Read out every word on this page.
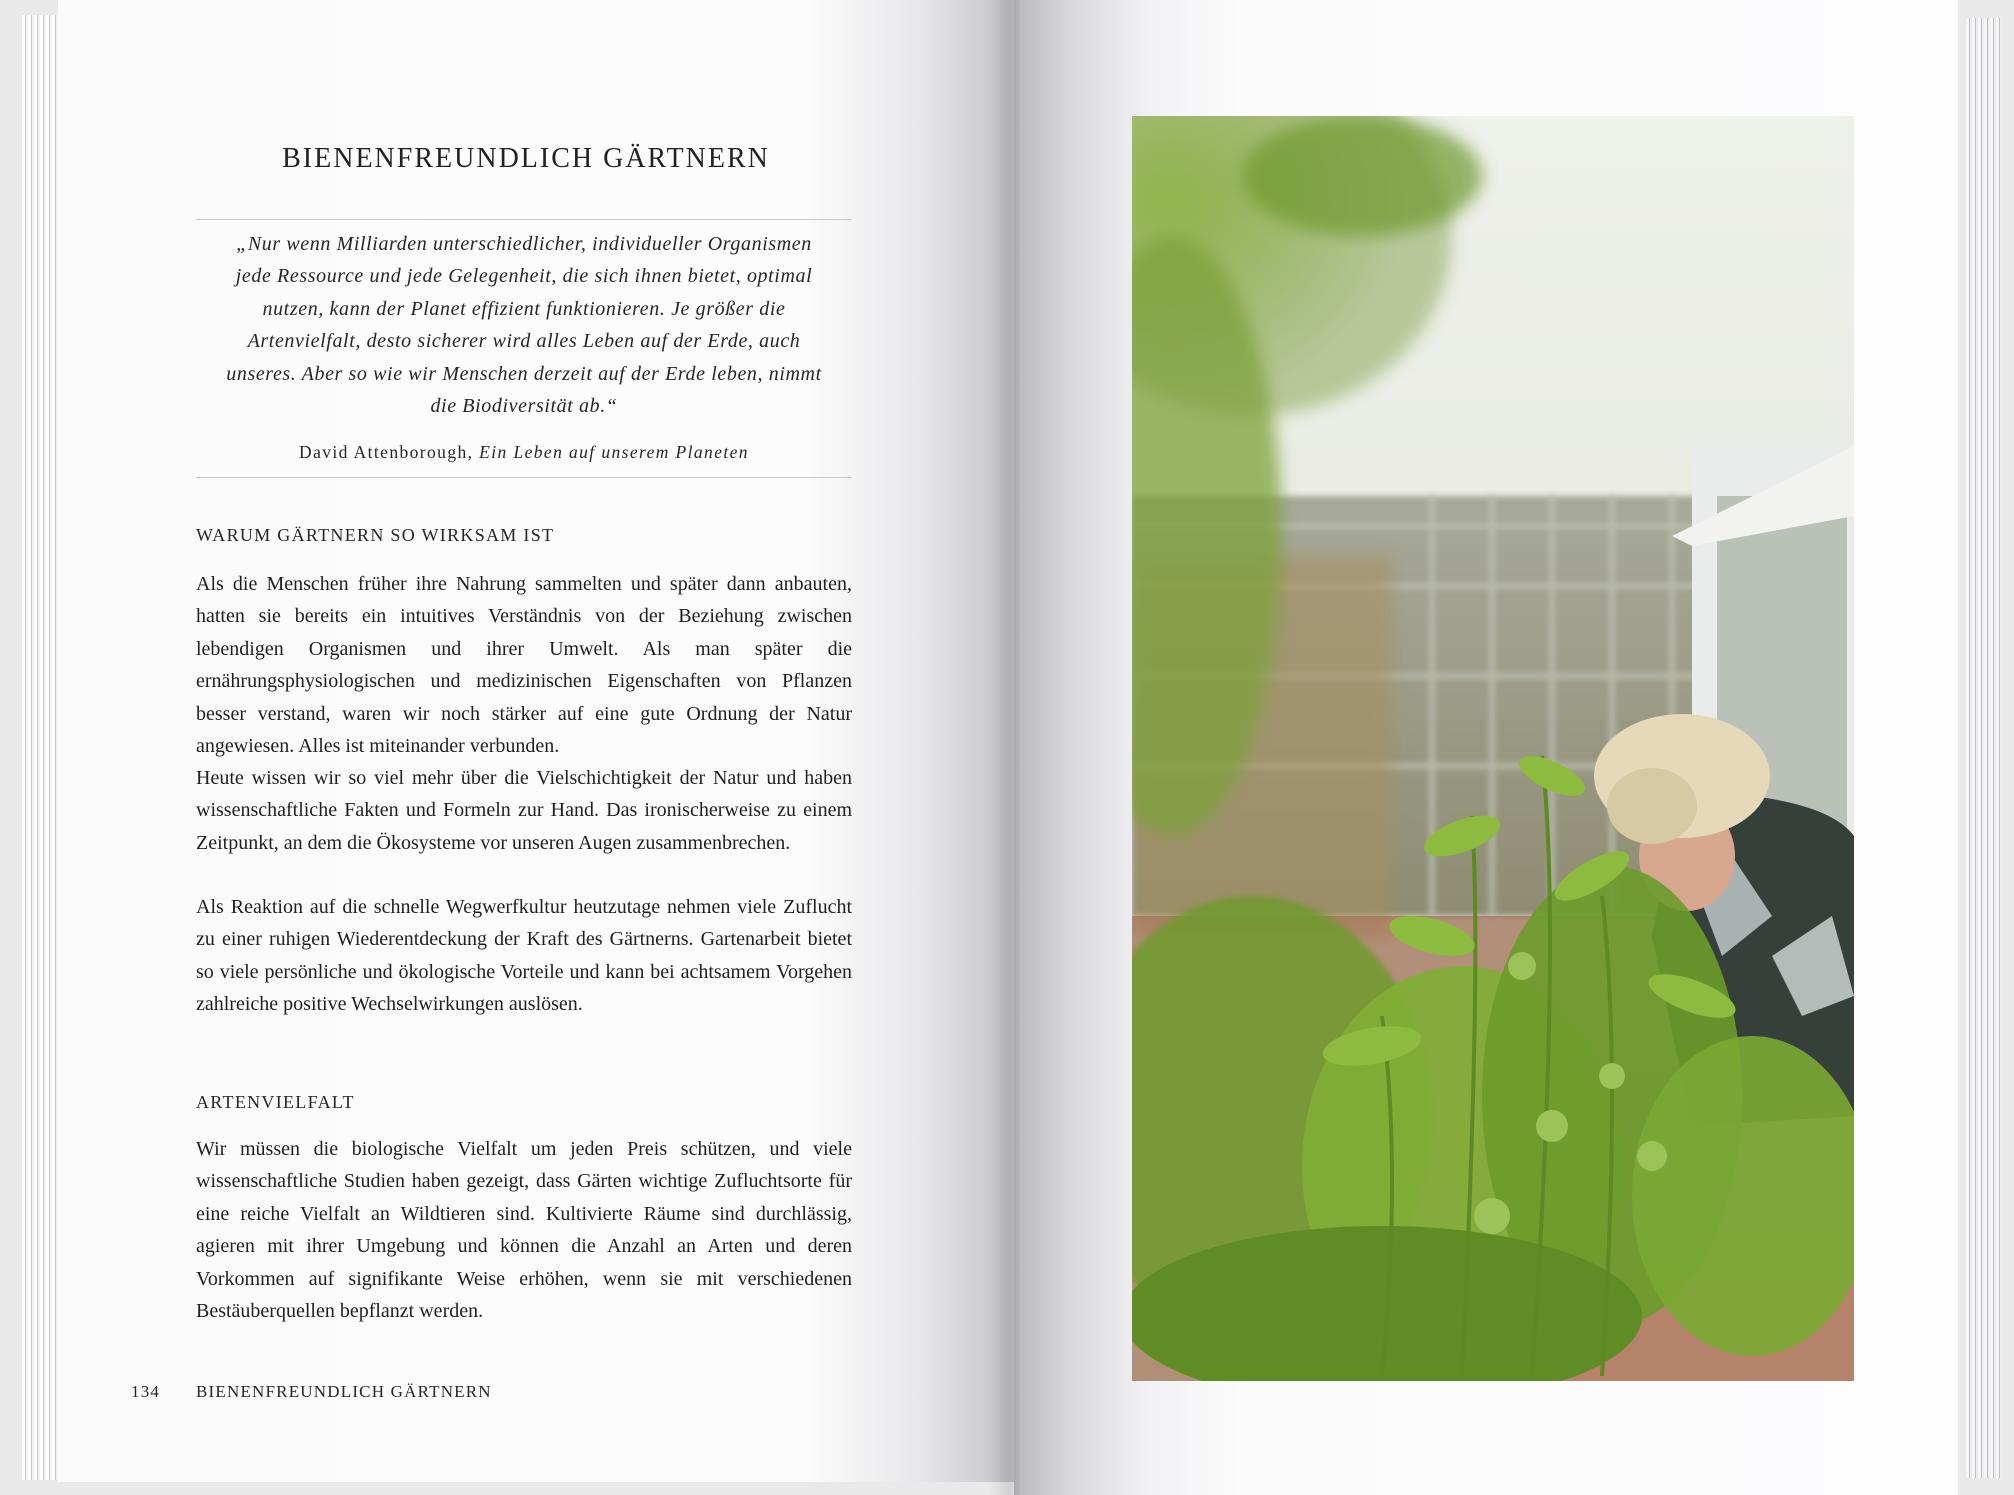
BIENENFREUNDLICH GÄRTNERN
„Nur wenn Milliarden unterschiedlicher, individueller Organismen
jede Ressource und jede Gelegenheit, die sich ihnen bietet, optimal
nutzen, kann der Planet effizient funktionieren. Je größer die
Artenvielfalt, desto sicherer wird alles Leben auf der Erde, auch
unseres. Aber so wie wir Menschen derzeit auf der Erde leben, nimmt
die Biodiversität ab.“
David Attenborough, Ein Leben auf unserem Planeten
WARUM GÄRTNERN SO WIRKSAM IST

Als die Menschen früher ihre Nahrung sammelten und später dann anbauten, hatten sie bereits ein intuitives Verständnis von der Beziehung zwischen lebendigen Organismen und ihrer Umwelt. Als man später die ernährungsphysiologischen und medizinischen Eigenschaften von Pflanzen besser verstand, waren wir noch stärker auf eine gute Ordnung der Natur angewiesen. Alles ist miteinander verbunden.

Heute wissen wir so viel mehr über die Vielschichtigkeit der Natur und haben wissenschaftliche Fakten und Formeln zur Hand. Das ironischerweise zu einem Zeitpunkt, an dem die Ökosysteme vor unseren Augen zusammenbrechen.

Als Reaktion auf die schnelle Wegwerfkultur heutzutage nehmen viele Zuflucht zu einer ruhigen Wiederentdeckung der Kraft des Gärtnerns. Gartenarbeit bietet so viele persönliche und ökologische Vorteile und kann bei achtsamem Vorgehen zahlreiche positive Wechselwirkungen auslösen.

ARTENVIELFALT

Wir müssen die biologische Vielfalt um jeden Preis schützen, und viele wissenschaftliche Studien haben gezeigt, dass Gärten wichtige Zufluchtsorte für eine reiche Vielfalt an Wildtieren sind. Kultivierte Räume sind durchlässig, agieren mit ihrer Umgebung und können die Anzahl an Arten und deren Vorkommen auf signifikante Weise erhöhen, wenn sie mit verschiedenen Bestäuberquellen bepflanzt werden.

134 BIENENFREUNDLICH GÄRTNERN
